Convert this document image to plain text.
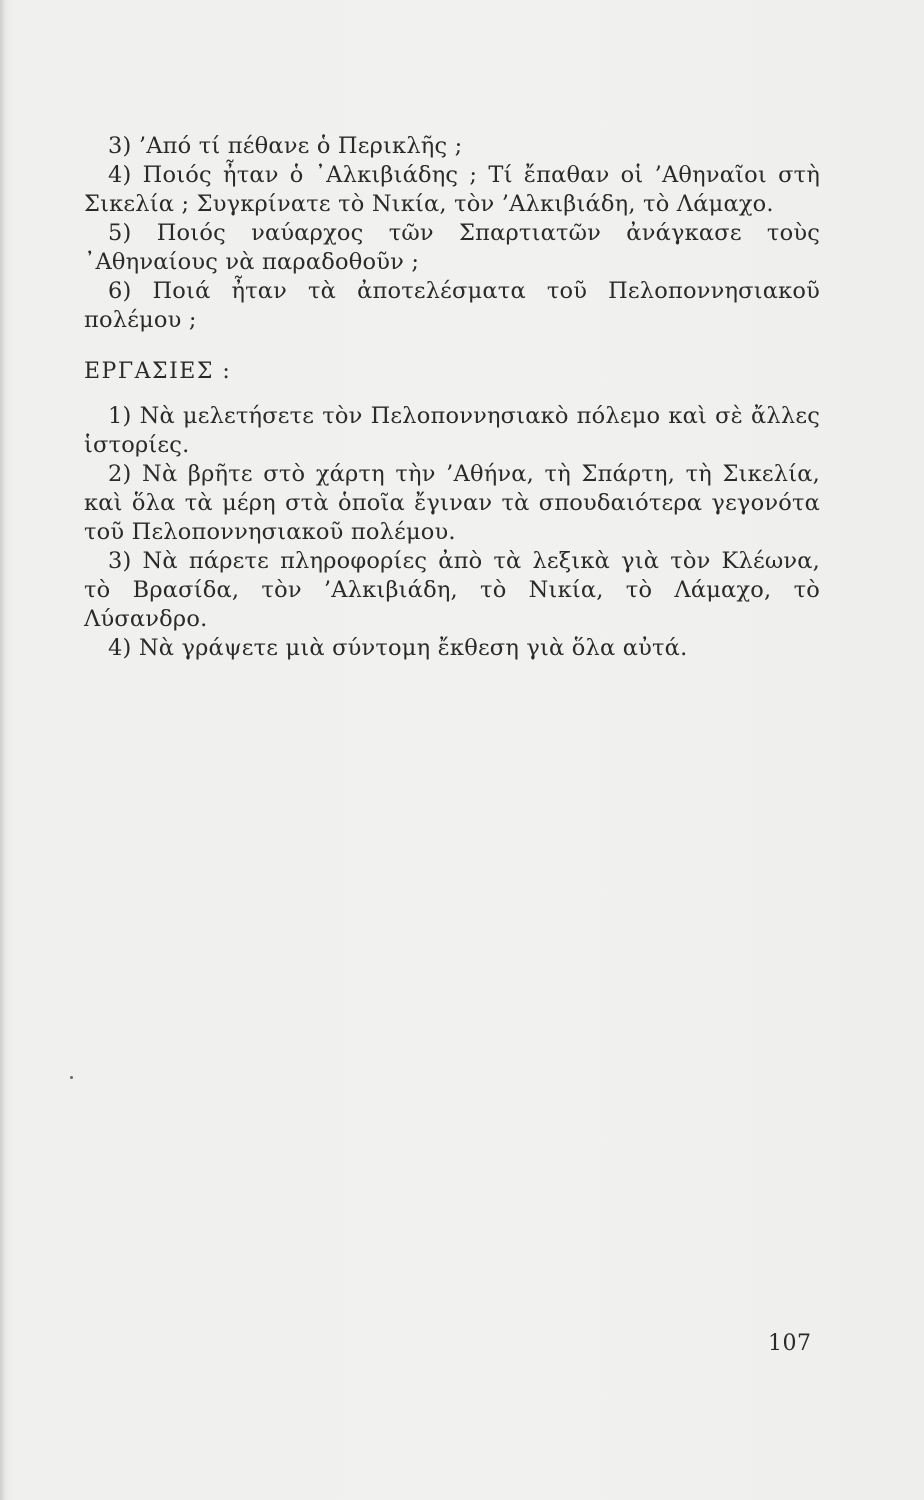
3) ’Από τί πέθανε ὁ Περικλῆς ;

4) Ποιός ἦταν ὁ ᾿Αλκιβιάδης ; Τί ἔπαθαν οἱ ’Αθηναῖοι στὴ Σικελία ; Συγκρίνατε τὸ Νικία, τὸν ’Αλκιβιάδη, τὸ Λάμαχο.

5) Ποιός ναύαρχος τῶν Σπαρτιατῶν ἀνάγκασε τοὺς ᾿Αθηναίους νὰ παραδοθοῦν ;

6) Ποιά ἦταν τὰ ἀποτελέσματα τοῦ Πελοποννησιακοῦ πολέμου ;

ΕΡΓΑΣΙΕΣ :

1) Νὰ μελετήσετε τὸν Πελοποννησιακὸ πόλεμο καὶ σὲ ἄλλες ἱστορίες.

2) Νὰ βρῆτε στὸ χάρτη τὴν ’Αθήνα, τὴ Σπάρτη, τὴ Σικελία, καὶ ὅλα τὰ μέρη στὰ ὁποῖα ἔγιναν τὰ σπουδαιότερα γεγονότα τοῦ Πελοποννησιακοῦ πολέμου.

3) Νὰ πάρετε πληροφορίες ἀπὸ τὰ λεξικὰ γιὰ τὸν Κλέωνα, τὸ Βρασίδα, τὸν ’Αλκιβιάδη, τὸ Νικία, τὸ Λάμαχο, τὸ Λύσανδρο.

4) Νὰ γράψετε μιὰ σύντομη ἔκθεση γιὰ ὅλα αὐτά.

107
